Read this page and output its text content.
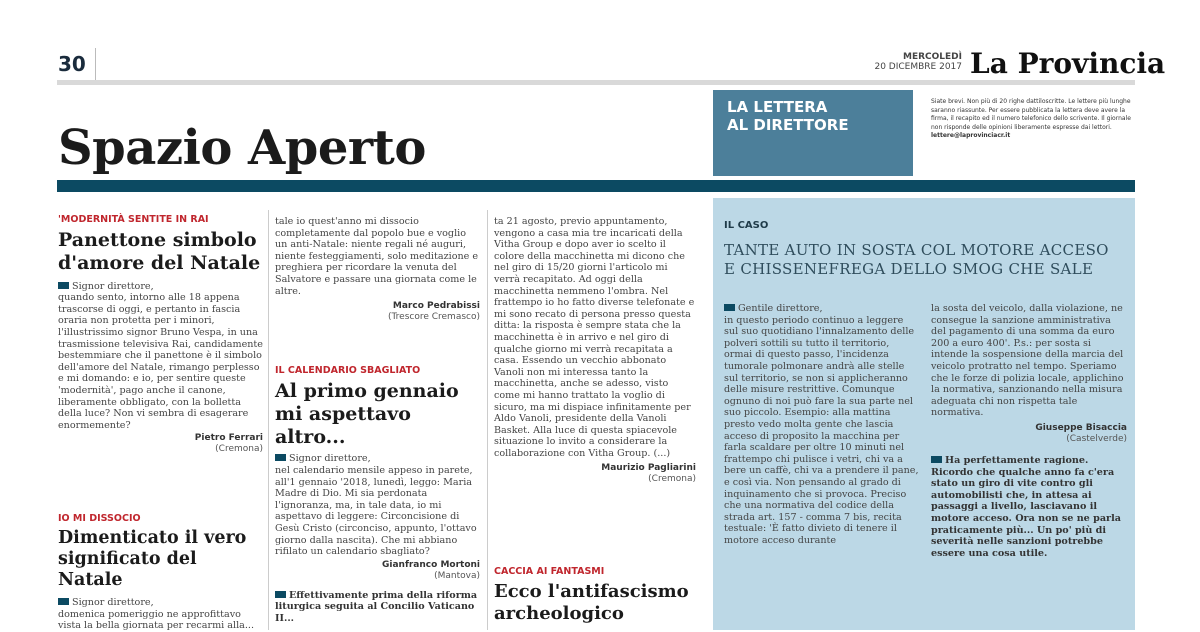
30	MERCOLEDÌ
20 DICEMBRE 2017 La Provincia
Spazio Aperto
LA LETTERA
AL DIRETTORE
Siate brevi. Non più di 20 righe dattiloscritte. Le lettere più lunghe saranno riassunte. Per essere pubblicata la lettera deve avere la firma, il recapito ed il numero telefonico dello scrivente. Il giornale non risponde delle opinioni liberamente espresse dai lettori. lettere@laprovinciacr.it
'MODERNITÀ SENTITE IN RAI
Panettone simbolo d'amore del Natale
Signor direttore,
quando sento, intorno alle 18 appena trascorse di oggi, e pertanto in fascia oraria non protetta per i minori, l'illustrissimo signor Bruno Vespa, in una trasmissione televisiva Rai, candidamente bestemmiare che il panettone è il simbolo dell'amore del Natale, rimango perplesso e mi domando: e io, per sentire queste 'modernità', pago anche il canone, liberamente obbligato, con la bolletta della luce? Non vi sembra di esagerare enormemente?
Pietro Ferrari
(Cremona)
IO MI DISSOCIO
Dimenticato il vero significato del Natale
Signor direttore,
domenica pomeriggio ne approfittavo vista la bella giornata per recarmi alla...
tale io quest'anno mi dissocio completamente dal popolo bue e voglio un anti-Natale: niente regali né auguri, niente festeggiamenti, solo meditazione e preghiera per ricordare la venuta del Salvatore e passare una giornata come le altre.
Marco Pedrabissi
(Trescore Cremasco)
IL CALENDARIO SBAGLIATO
Al primo gennaio mi aspettavo altro...
Signor direttore,
nel calendario mensile appeso in parete, all'1 gennaio '2018, lunedì, leggo: Maria Madre di Dio. Mi sia perdonata l'ignoranza, ma, in tale data, io mi aspettavo di leggere: Circoncisione di Gesù Cristo (circonciso, appunto, l'ottavo giorno dalla nascita). Che mi abbiano rifilato un calendario sbagliato?
Gianfranco Mortoni
(Mantova)
Effettivamente prima della riforma liturgica seguita al Concilio Vaticano II...
ta 21 agosto, previo appuntamento, vengono a casa mia tre incaricati della Vitha Group e dopo aver io scelto il colore della macchinetta mi dicono che nel giro di 15/20 giorni l'articolo mi verrà recapitato. Ad oggi della macchinetta nemmeno l'ombra. Nel frattempo io ho fatto diverse telefonate e mi sono recato di persona presso questa ditta: la risposta è sempre stata che la macchinetta è in arrivo e nel giro di qualche giorno mi verrà recapitata a casa. Essendo un vecchio abbonato Vanoli non mi interessa tanto la macchinetta, anche se adesso, visto come mi hanno trattato la voglio di sicuro, ma mi dispiace infinitamente per Aldo Vanoli, presidente della Vanoli Basket. Alla luce di questa spiacevole situazione lo invito a considerare la collaborazione con Vitha Group. (...)
Maurizio Pagliarini
(Cremona)
CACCIA AI FANTASMI
Ecco l'antifascismo archeologico
IL CASO
TANTE AUTO IN SOSTA COL MOTORE ACCESO E CHISSENEFREGA DELLO SMOG CHE SALE
Gentile direttore,
in questo periodo continuo a leggere sul suo quotidiano l'innalzamento delle polveri sottili su tutto il territorio, ormai di questo passo, l'incidenza tumorale polmonare andrà alle stelle sul territorio, se non si applicheranno delle misure restrittive. Comunque ognuno di noi può fare la sua parte nel suo piccolo. Esempio: alla mattina presto vedo molta gente che lascia acceso di proposito la macchina per farla scaldare per oltre 10 minuti nel frattempo chi pulisce i vetri, chi va a bere un caffè, chi va a prendere il pane, e così via. Non pensando al grado di inquinamento che si provoca. Preciso che una normativa del codice della strada art. 157 - comma 7 bis, recita testuale: 'È fatto divieto di tenere il motore acceso durante
la sosta del veicolo, dalla violazione, ne consegue la sanzione amministrativa del pagamento di una somma da euro 200 a euro 400'. P.s.: per sosta si intende la sospensione della marcia del veicolo protratto nel tempo. Speriamo che le forze di polizia locale, applichino la normativa, sanzionando nella misura adeguata chi non rispetta tale normativa.
Giuseppe Bisaccia
(Castelverde)
Ha perfettamente ragione. Ricordo che qualche anno fa c'era stato un giro di vite contro gli automobilisti che, in attesa ai passaggi a livello, lasciavano il motore acceso. Ora non se ne parla praticamente più... Un po' più di severità nelle sanzioni potrebbe essere una cosa utile.
